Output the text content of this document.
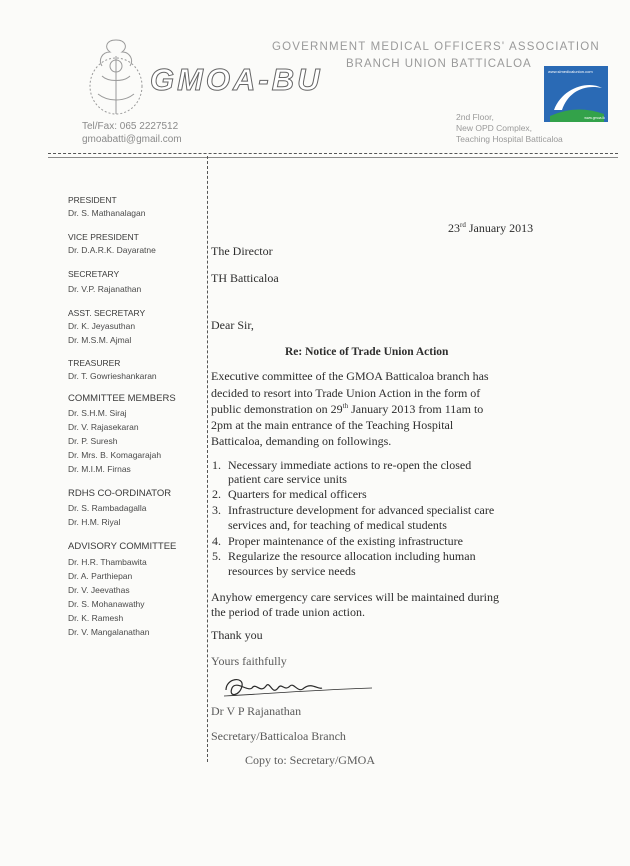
GMOA-BU
GOVERNMENT MEDICAL OFFICERS' ASSOCIATION
BRANCH UNION BATTICALOA
Tel/Fax: 065 2227512
gmoabatti@gmail.com
2nd Floor,
New OPD Complex,
Teaching Hospital Batticaloa
www.slmedicalunion.com
www.gmoa.lk
PRESIDENT
Dr. S. Mathanalagan
VICE PRESIDENT
Dr. D.A.R.K. Dayaratne
SECRETARY
Dr. V.P. Rajanathan
ASST. SECRETARY
Dr. K. Jeyasuthan
Dr. M.S.M. Ajmal
TREASURER
Dr. T. Gowrieshankaran
COMMITTEE MEMBERS
Dr. S.H.M. Siraj
Dr. V. Rajasekaran
Dr. P. Suresh
Dr. Mrs. B. Komagarajah
Dr. M.I.M. Firnas
RDHS CO-ORDINATOR
Dr. S. Rambadagalla
Dr. H.M. Riyal
ADVISORY COMMITTEE
Dr. H.R. Thambawita
Dr. A. Parthiepan
Dr. V. Jeevathas
Dr. S. Mohanawathy
Dr. K. Ramesh
Dr. V. Mangalanathan
23rd January 2013
The Director
TH Batticaloa
Dear Sir,
Re: Notice of Trade Union Action
Executive committee of the GMOA Batticaloa branch has
decided to resort into Trade Union Action in the form of
public demonstration on 29th January 2013 from 11am to
2pm at the main entrance of the Teaching Hospital
Batticaloa, demanding on followings.
1. Necessary immediate actions to re-open the closed
patient care service units
2. Quarters for medical officers
3. Infrastructure development for advanced specialist care
services and, for teaching of medical students
4. Proper maintenance of the existing infrastructure
5. Regularize the resource allocation including human
resources by service needs
Anyhow emergency care services will be maintained during
the period of trade union action.
Thank you
Yours faithfully
Dr V P Rajanathan
Secretary/Batticaloa Branch
Copy to: Secretary/GMOA
